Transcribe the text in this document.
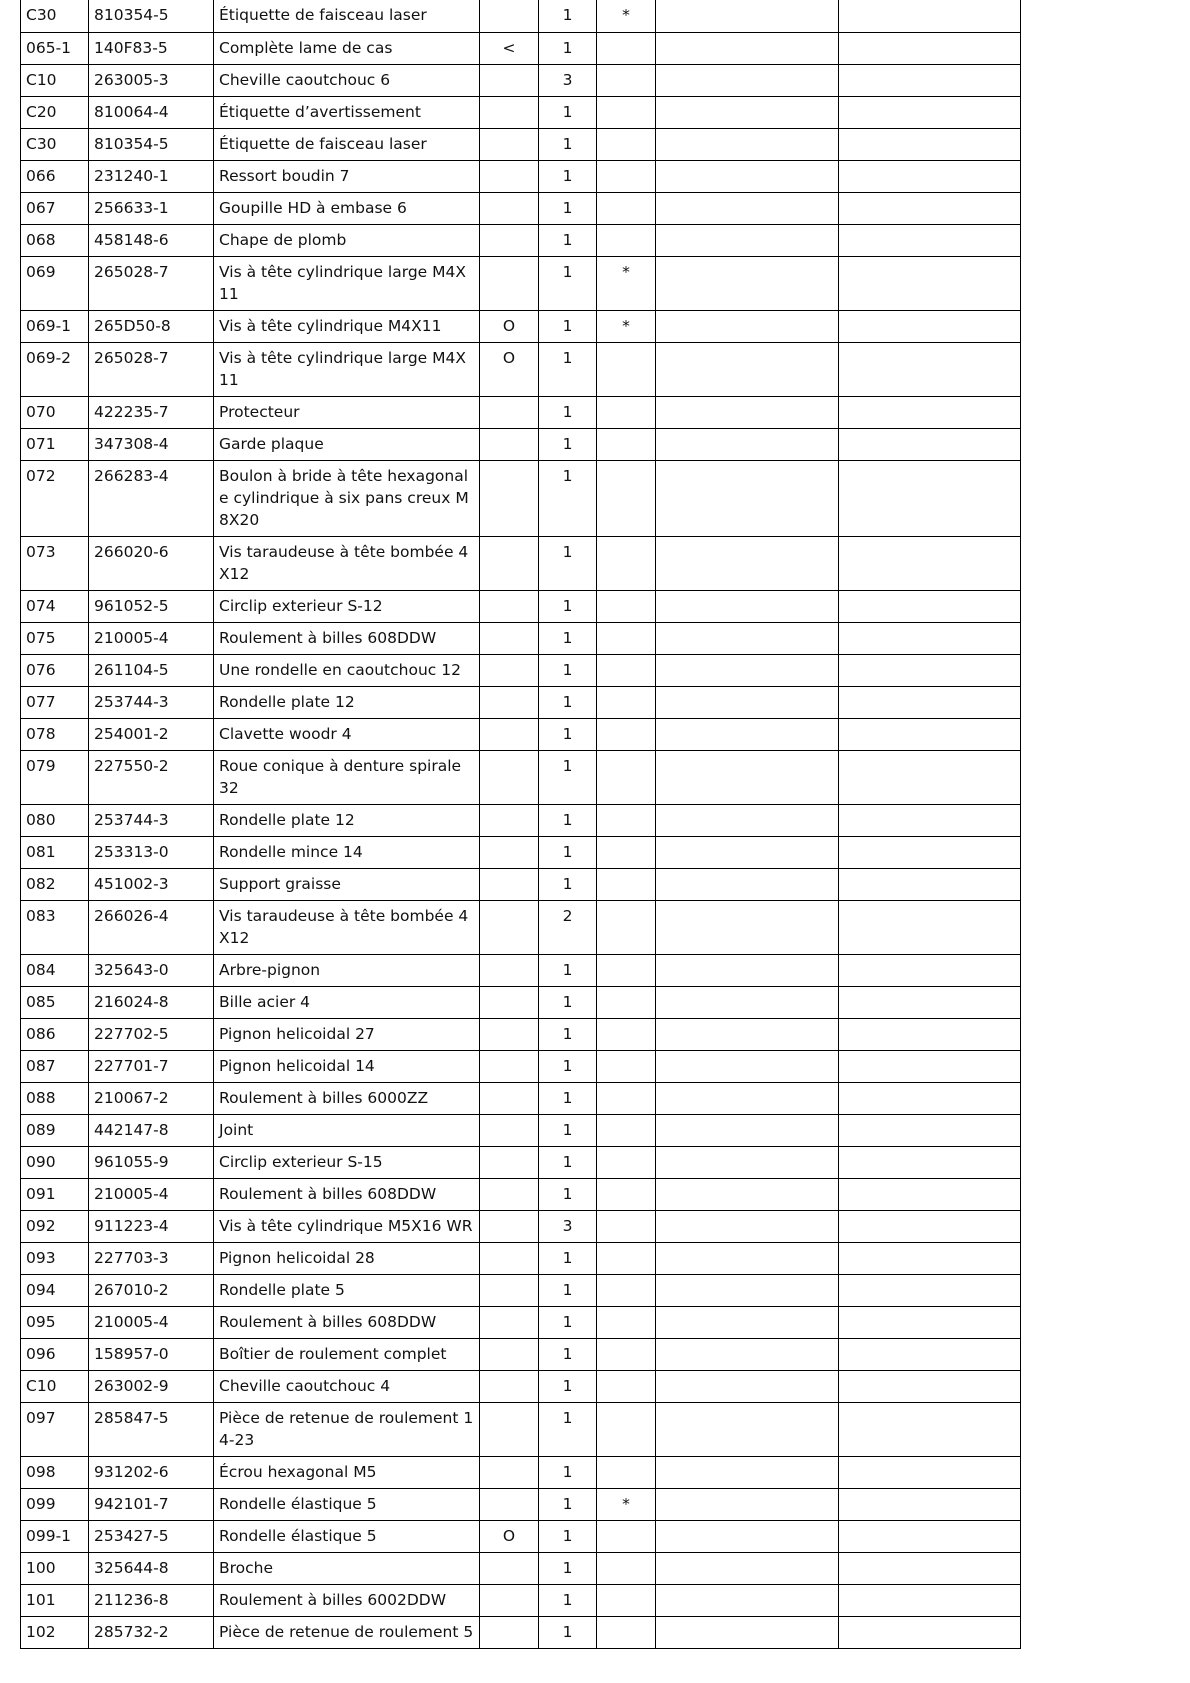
C30	810354-5	Étiquette de faisceau laser		1	*		
065-1	140F83-5	Complète lame de cas	<	1			
C10	263005-3	Cheville caoutchouc 6		3			
C20	810064-4	Étiquette d’avertissement		1			
C30	810354-5	Étiquette de faisceau laser		1			
066	231240-1	Ressort boudin 7		1			
067	256633-1	Goupille HD à embase 6		1			
068	458148-6	Chape de plomb		1			
069	265028-7	Vis à tête cylindrique large M4X11		1	*		
069-1	265D50-8	Vis à tête cylindrique M4X11	O	1	*		
069-2	265028-7	Vis à tête cylindrique large M4X11	O	1			
070	422235-7	Protecteur		1			
071	347308-4	Garde plaque		1			
072	266283-4	Boulon à bride à tête hexagonale cylindrique à six pans creux M8X20		1			
073	266020-6	Vis taraudeuse à tête bombée 4X12		1			
074	961052-5	Circlip exterieur S-12		1			
075	210005-4	Roulement à billes 608DDW		1			
076	261104-5	Une rondelle en caoutchouc 12		1			
077	253744-3	Rondelle plate 12		1			
078	254001-2	Clavette woodr 4		1			
079	227550-2	Roue conique à denture spirale 32		1			
080	253744-3	Rondelle plate 12		1			
081	253313-0	Rondelle mince 14		1			
082	451002-3	Support graisse		1			
083	266026-4	Vis taraudeuse à tête bombée 4X12		2			
084	325643-0	Arbre-pignon		1			
085	216024-8	Bille acier 4		1			
086	227702-5	Pignon helicoidal 27		1			
087	227701-7	Pignon helicoidal 14		1			
088	210067-2	Roulement à billes 6000ZZ		1			
089	442147-8	Joint		1			
090	961055-9	Circlip exterieur S-15		1			
091	210005-4	Roulement à billes 608DDW		1			
092	911223-4	Vis à tête cylindrique M5X16 WR		3			
093	227703-3	Pignon helicoidal 28		1			
094	267010-2	Rondelle plate 5		1			
095	210005-4	Roulement à billes 608DDW		1			
096	158957-0	Boîtier de roulement complet		1			
C10	263002-9	Cheville caoutchouc 4		1			
097	285847-5	Pièce de retenue de roulement 14-23		1			
098	931202-6	Écrou hexagonal M5		1			
099	942101-7	Rondelle élastique 5		1	*		
099-1	253427-5	Rondelle élastique 5	O	1			
100	325644-8	Broche		1			
101	211236-8	Roulement à billes 6002DDW		1			
102	285732-2	Pièce de retenue de roulement 5		1			
